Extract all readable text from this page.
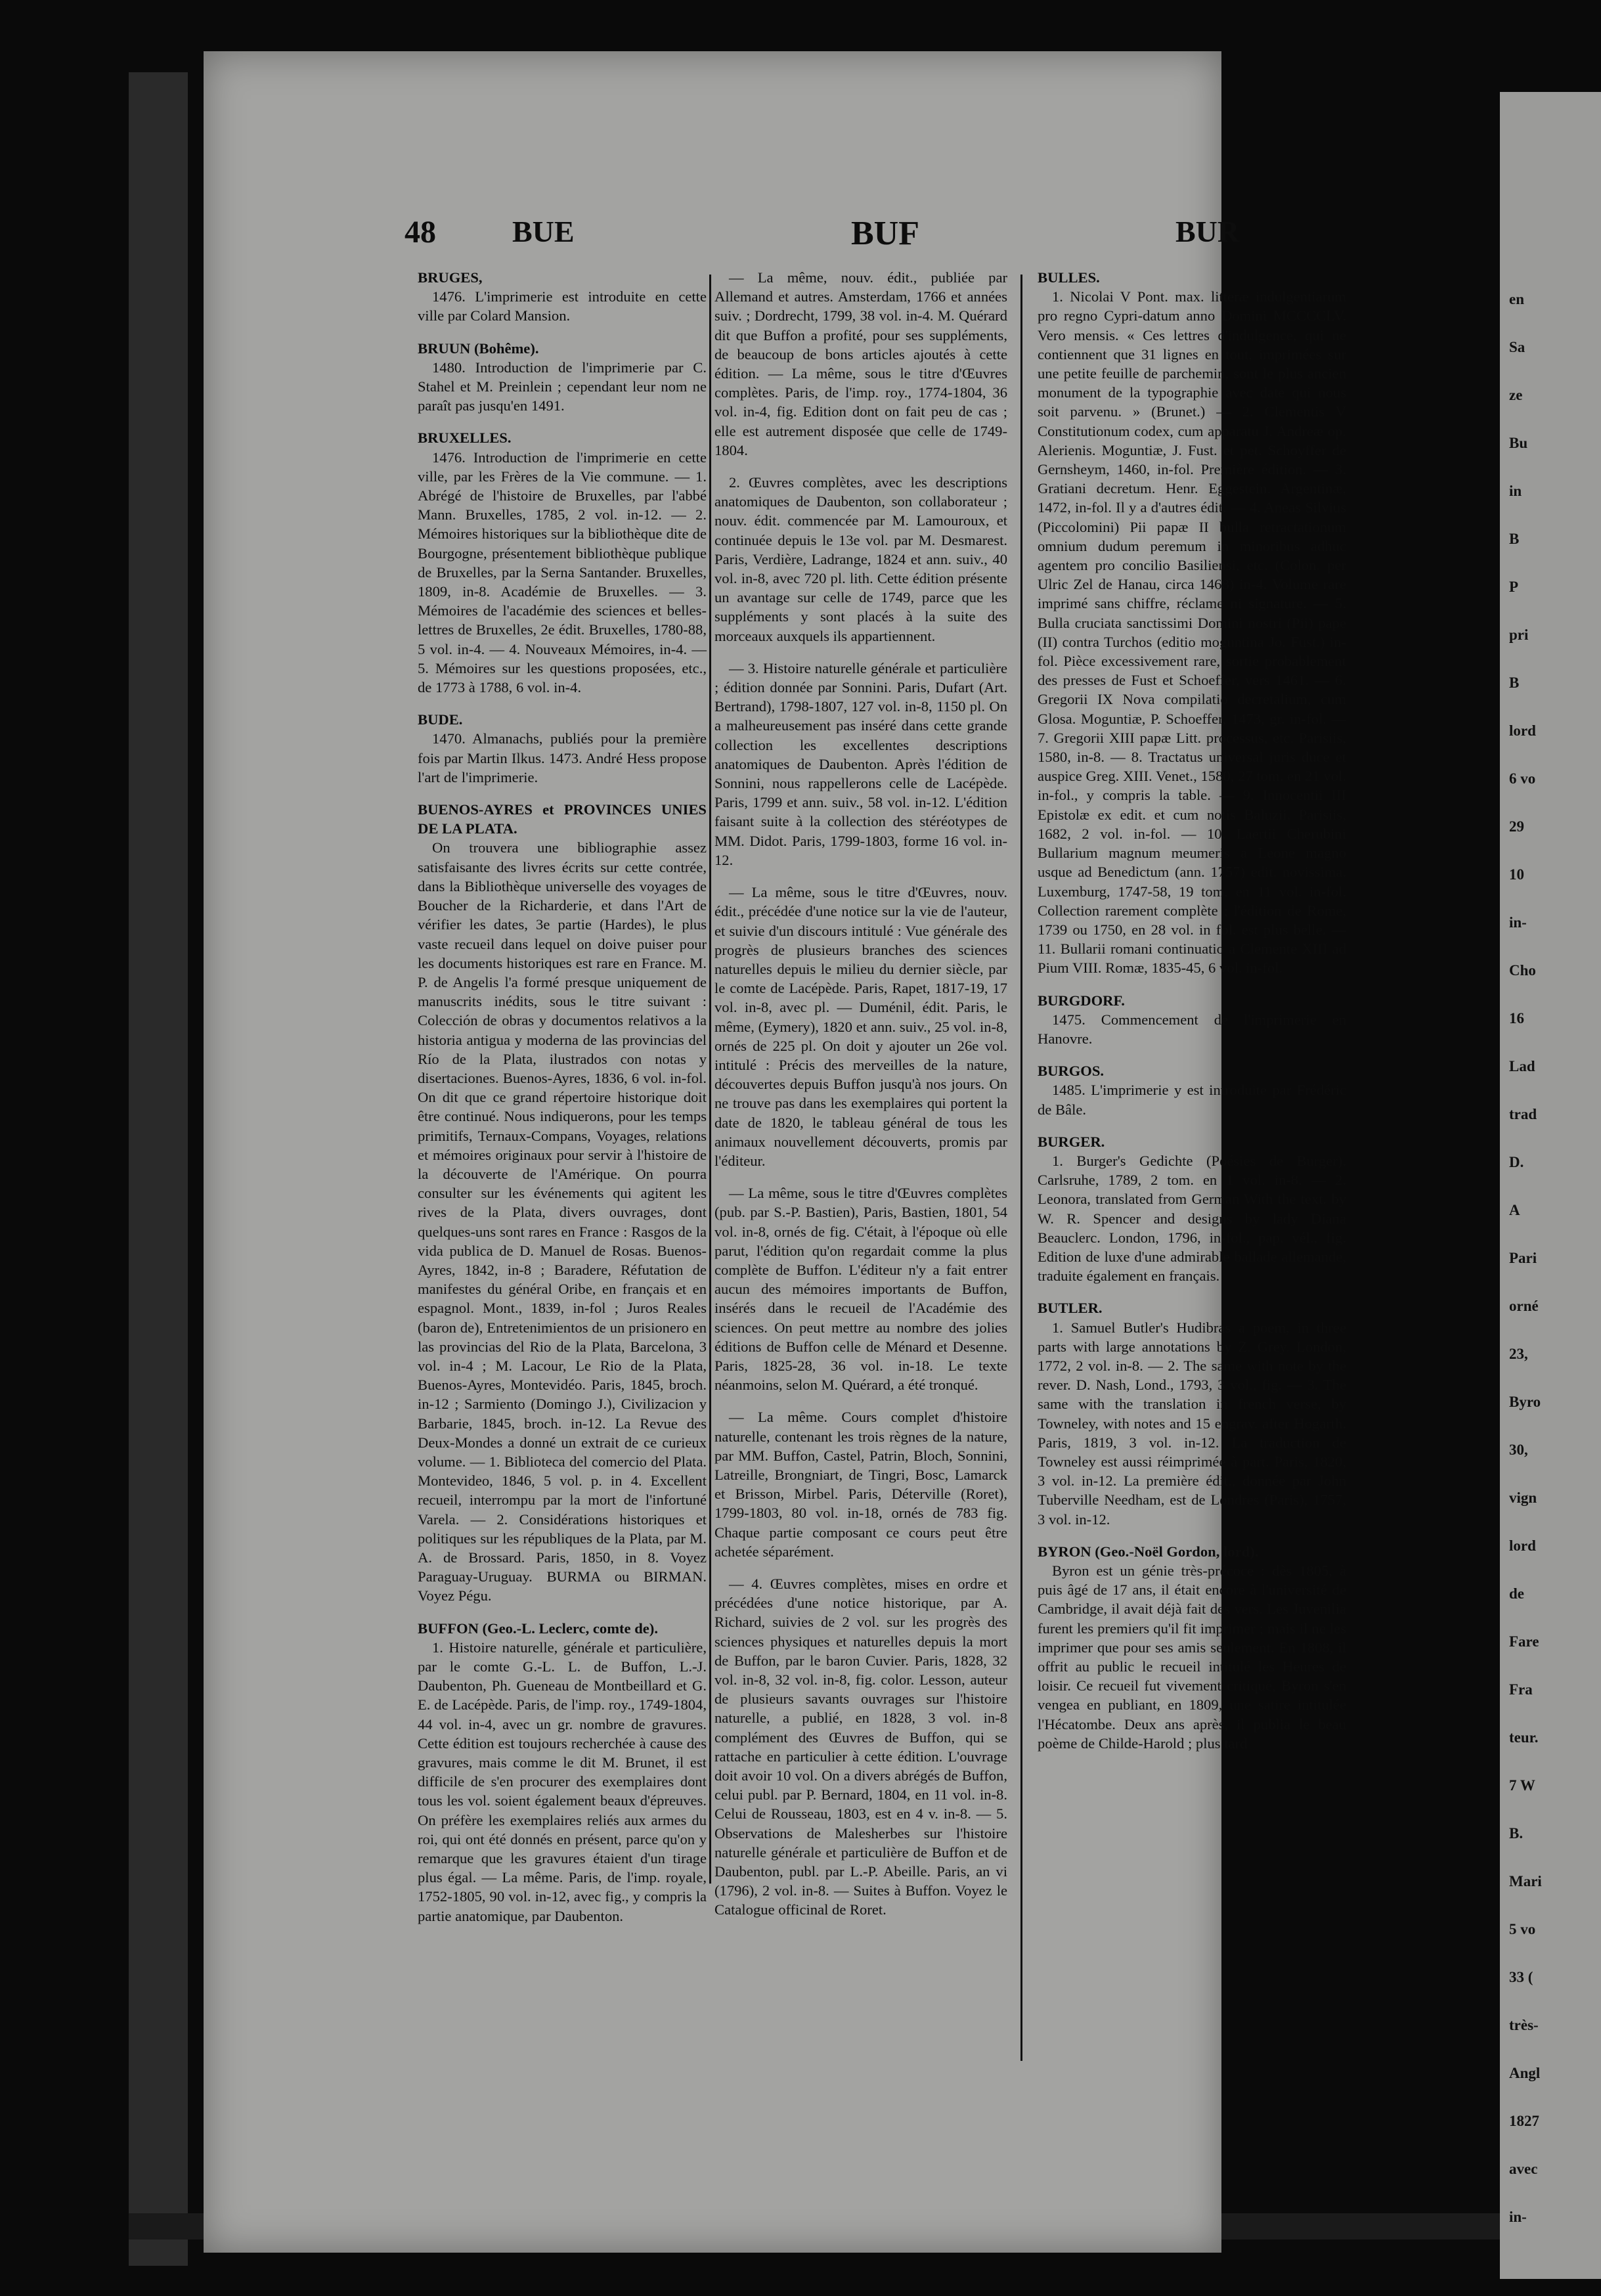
48	BUE	BUF	BUR

BRUGES,

1476. L'imprimerie est introduite en cette ville par Colard Mansion.

BRUUN (Bohême).

1480. Introduction de l'imprimerie par C. Stahel et M. Preinlein ; cependant leur nom ne paraît pas jusqu'en 1491.

BRUXELLES.

1476. Introduction de l'imprimerie en cette ville, par les Frères de la Vie commune. — 1. Abrégé de l'histoire de Bruxelles, par l'abbé Mann. Bruxelles, 1785, 2 vol. in-12. — 2. Mémoires historiques sur la bibliothèque dite de Bourgogne, présentement bibliothèque publique de Bruxelles, par la Serna Santander. Bruxelles, 1809, in-8. Académie de Bruxelles. — 3. Mémoires de l'académie des sciences et belles-lettres de Bruxelles, 2e édit. Bruxelles, 1780-88, 5 vol. in-4. — 4. Nouveaux Mémoires, in-4. — 5. Mémoires sur les questions proposées, etc., de 1773 à 1788, 6 vol. in-4.

BUDE.

1470. Almanachs, publiés pour la première fois par Martin Ilkus. 1473. André Hess propose l'art de l'imprimerie.

BUENOS-AYRES et PROVINCES UNIES DE LA PLATA.

On trouvera une bibliographie assez satisfaisante des livres écrits sur cette contrée, dans la Bibliothèque universelle des voyages de Boucher de la Richarderie, et dans l'Art de vérifier les dates, 3e partie (Hardes), le plus vaste recueil dans lequel on doive puiser pour les documents historiques est rare en France. M. P. de Angelis l'a formé presque uniquement de manuscrits inédits, sous le titre suivant : Colección de obras y documentos relativos a la historia antigua y moderna de las provincias del Río de la Plata, ilustrados con notas y disertaciones. Buenos-Ayres, 1836, 6 vol. in-fol. On dit que ce grand répertoire historique doit être continué. Nous indiquerons, pour les temps primitifs, Ternaux-Compans, Voyages, relations et mémoires originaux pour servir à l'histoire de la découverte de l'Amérique. On pourra consulter sur les événements qui agitent les rives de la Plata, divers ouvrages, dont quelques-uns sont rares en France : Rasgos de la vida publica de D. Manuel de Rosas. Buenos-Ayres, 1842, in-8 ; Baradere, Réfutation de manifestes du général Oribe, en français et en espagnol. Mont., 1839, in-fol ; Juros Reales (baron de), Entretenimientos de un prisionero en las provincias del Rio de la Plata, Barcelona, 3 vol. in-4 ; M. Lacour, Le Rio de la Plata, Buenos-Ayres, Montevidéo. Paris, 1845, broch. in-12 ; Sarmiento (Domingo J.), Civilizacion y Barbarie, 1845, broch. in-12. La Revue des Deux-Mondes a donné un extrait de ce curieux volume. — 1. Biblioteca del comercio del Plata. Montevideo, 1846, 5 vol. p. in 4. Excellent recueil, interrompu par la mort de l'infortuné Varela. — 2. Considérations historiques et politiques sur les républiques de la Plata, par M. A. de Brossard. Paris, 1850, in 8. Voyez Paraguay-Uruguay. BURMA ou BIRMAN. Voyez Pégu.

BUFFON (Geo.-L. Leclerc, comte de).

1. Histoire naturelle, générale et particulière, par le comte G.-L. L. de Buffon, L.-J. Daubenton, Ph. Gueneau de Montbeillard et G. E. de Lacépède. Paris, de l'imp. roy., 1749-1804, 44 vol. in-4, avec un gr. nombre de gravures. Cette édition est toujours recherchée à cause des gravures, mais comme le dit M. Brunet, il est difficile de s'en procurer des exemplaires dont tous les vol. soient également beaux d'épreuves. On préfère les exemplaires reliés aux armes du roi, qui ont été donnés en présent, parce qu'on y remarque que les gravures étaient d'un tirage plus égal. — La même. Paris, de l'imp. royale, 1752-1805, 90 vol. in-12, avec fig., y compris la partie anatomique, par Daubenton.

— La même, nouv. édit., publiée par Allemand et autres. Amsterdam, 1766 et années suiv. ; Dordrecht, 1799, 38 vol. in-4. M. Quérard dit que Buffon a profité, pour ses suppléments, de beaucoup de bons articles ajoutés à cette édition. — La même, sous le titre d'Œuvres complètes. Paris, de l'imp. roy., 1774-1804, 36 vol. in-4, fig. Edition dont on fait peu de cas ; elle est autrement disposée que celle de 1749-1804.

2. Œuvres complètes, avec les descriptions anatomiques de Daubenton, son collaborateur ; nouv. édit. commencée par M. Lamouroux, et continuée depuis le 13e vol. par M. Desmarest. Paris, Verdière, Ladrange, 1824 et ann. suiv., 40 vol. in-8, avec 720 pl. lith. Cette édition présente un avantage sur celle de 1749, parce que les suppléments y sont placés à la suite des morceaux auxquels ils appartiennent.

— 3. Histoire naturelle générale et particulière ; édition donnée par Sonnini. Paris, Dufart (Art. Bertrand), 1798-1807, 127 vol. in-8, 1150 pl. On a malheureusement pas inséré dans cette grande collection les excellentes descriptions anatomiques de Daubenton. Après l'édition de Sonnini, nous rappellerons celle de Lacépède. Paris, 1799 et ann. suiv., 58 vol. in-12. L'édition faisant suite à la collection des stéréotypes de MM. Didot. Paris, 1799-1803, forme 16 vol. in-12.

— La même, sous le titre d'Œuvres, nouv. édit., précédée d'une notice sur la vie de l'auteur, et suivie d'un discours intitulé : Vue générale des progrès de plusieurs branches des sciences naturelles depuis le milieu du dernier siècle, par le comte de Lacépède. Paris, Rapet, 1817-19, 17 vol. in-8, avec pl. — Duménil, édit. Paris, le même, (Eymery), 1820 et ann. suiv., 25 vol. in-8, ornés de 225 pl. On doit y ajouter un 26e vol. intitulé : Précis des merveilles de la nature, découvertes depuis Buffon jusqu'à nos jours. On ne trouve pas dans les exemplaires qui portent la date de 1820, le tableau général de tous les animaux nouvellement découverts, promis par l'éditeur.

— La même, sous le titre d'Œuvres complètes (pub. par S.-P. Bastien), Paris, Bastien, 1801, 54 vol. in-8, ornés de fig. C'était, à l'époque où elle parut, l'édition qu'on regardait comme la plus complète de Buffon. L'éditeur n'y a fait entrer aucun des mémoires importants de Buffon, insérés dans le recueil de l'Académie des sciences. On peut mettre au nombre des jolies éditions de Buffon celle de Ménard et Desenne. Paris, 1825-28, 36 vol. in-18. Le texte néanmoins, selon M. Quérard, a été tronqué.

— La même. Cours complet d'histoire naturelle, contenant les trois règnes de la nature, par MM. Buffon, Castel, Patrin, Bloch, Sonnini, Latreille, Brongniart, de Tingri, Bosc, Lamarck et Brisson, Mirbel. Paris, Déterville (Roret), 1799-1803, 80 vol. in-18, ornés de 783 fig. Chaque partie composant ce cours peut être achetée séparément.

— 4. Œuvres complètes, mises en ordre et précédées d'une notice historique, par A. Richard, suivies de 2 vol. sur les progrès des sciences physiques et naturelles depuis la mort de Buffon, par le baron Cuvier. Paris, 1828, 32 vol. in-8, 32 vol. in-8, fig. color. Lesson, auteur de plusieurs savants ouvrages sur l'histoire naturelle, a publié, en 1828, 3 vol. in-8 complément des Œuvres de Buffon, qui se rattache en particulier à cette édition. L'ouvrage doit avoir 10 vol. On a divers abrégés de Buffon, celui publ. par P. Bernard, 1804, en 11 vol. in-8. Celui de Rousseau, 1803, est en 4 v. in-8. — 5. Observations de Malesherbes sur l'histoire naturelle générale et particulière de Buffon et de Daubenton, publ. par L.-P. Abeille. Paris, an vi (1796), 2 vol. in-8. — Suites à Buffon. Voyez le Catalogue officinal de Roret.

BULLES.

1. Nicolai V Pont. max. litteræ indulgentiarum pro regno Cypri-datum anno Domini MCCCCLV. Vero mensis. « Ces lettres d'indulgence, qui ne contiennent que 31 lignes en tout, imprimées sur une petite feuille de parchemin, sont le plus ancien monument de la typographie avec date qui nous soit parvenu. » (Brunet.) — 2. Clementis V Constitutionum codex, cum apparatu J. Andreæ op. Alerienis. Moguntiæ, J. Fust. et pet. Schoyffer de Gernsheym, 1460, in-fol. Première édition. — 3. Gratiani decretum. Henr. Eggestein. Argentinæ, 1472, in-fol. Il y a d'autres édit. — 4. Aneas Silvius (Piccolomini) Pii papæ II bulla retractationum omnium dudum peremum in minoribus adhuc agentem pro concilio Basiliensi, etc. (Colon. per Ulric Zel de Hanau, circa 1468) in-4. Volume rare imprimé sans chiffre, réclame ni signature. — 5. Bulla cruciata sanctissimi Domini nostri (Pii) pape (II) contra Turchos (editio moguntina Jo. Fust.) in-fol. Pièce excessivement rare, sortie probablement des presses de Fust et Schoeffer, vers 1461. — 6. Gregorii IX Nova compilatio decretalium, cum Glosa. Moguntiæ, P. Schoeffer, 1473, gr. in-fol. — 7. Gregorii XIII papæ Litt. processus, etc. Parisiis, 1580, in-8. — 8. Tractatus universal juris duce et auspice Greg. XIII. Venet., 1580, 27 tom. en 21 vol. in-fol., y compris la table. — 9. Innocentii III Epistolæ ex edit. et cum notis Baluzii. Parisiis, 1682, 2 vol. in-fol. — 10. Laertii Cherubini Bullarium magnum meumeris a Leone magno usque ad Benedictum (ann. 1757) edit. novissima. Luxemburg, 1747-58, 19 tom. en 11 vol. in-fol. Collection rarement complète ; l'édition de Rome, 1739 ou 1750, en 28 vol. in fol. est plus belle. — 11. Bullarii romani continuatio a Clemente XIII ad Pium VIII. Romæ, 1835-45, 6 vol. in-fol.

BURGDORF.

1475. Commencement de l'imprimerie en Hanovre.

BURGOS.

1485. L'imprimerie y est introduite par Frédéric de Bâle.

BURGER.

1. Burger's Gedichte (Poésies de Burger). Carlsruhe, 1789, 2 tom. en 1 vol. in-8. — 2. Leonora, translated from German With the text. by W. R. Spencer and designs by lady Diana Beauclerc. London, 1796, in-fol., pap. vél., fig. Edition de luxe d'une admirable ballade allemande, traduite également en français.

BUTLER.

1. Samuel Butler's Hudibras a poem, in three parts with large annotations by Z. Grey. London, 1772, 2 vol. in-8. — 2. The same with note by the rever. D. Nash, Lond., 1793, 3 vol., fig. — 3. The same with the translation in french verse, by Towneley, with notes and 15 engrav. after Hogarth. Paris, 1819, 3 vol. in-12. La traduction de Towneley est aussi réimprimée à part. Paris, 1820, 3 vol. in-12. La première édit., donnée par John Tuberville Needham, est de Londres (Paris), 1757, 3 vol. in-12.

BYRON (Geo.-Noël Gordon, lord).

Byron est un génie très-précoce : dès 1805, à puis âgé de 17 ans, il était encore à l'université de Cambridge, il avait déjà fait des vers. Les Juvenilia furent les premiers qu'il fit imprimer ; mais il ne les imprimer que pour ses amis seulement. En 1808, il offrit au public le recueil intitulé les Heures de loisir. Ce recueil fut vivement critiqué, Byron s'en vengea en publiant, en 1809, une satire intitulée l'Hécatombe. Deux ans après, il publia le beau poème de Childe-Harold ; plus tard

en

Sa

ze

Bu

in

B

P

pri

B

lord

6 vo

29

10

in-

Cho

16

Lad

trad

D.

A

Pari

orné

23,

Byro

30,

vign

lord

de

Fare

Fra

teur.

7 W

B.

Mari

5 vo

33 (

très-

Angl

1827

avec

in-
